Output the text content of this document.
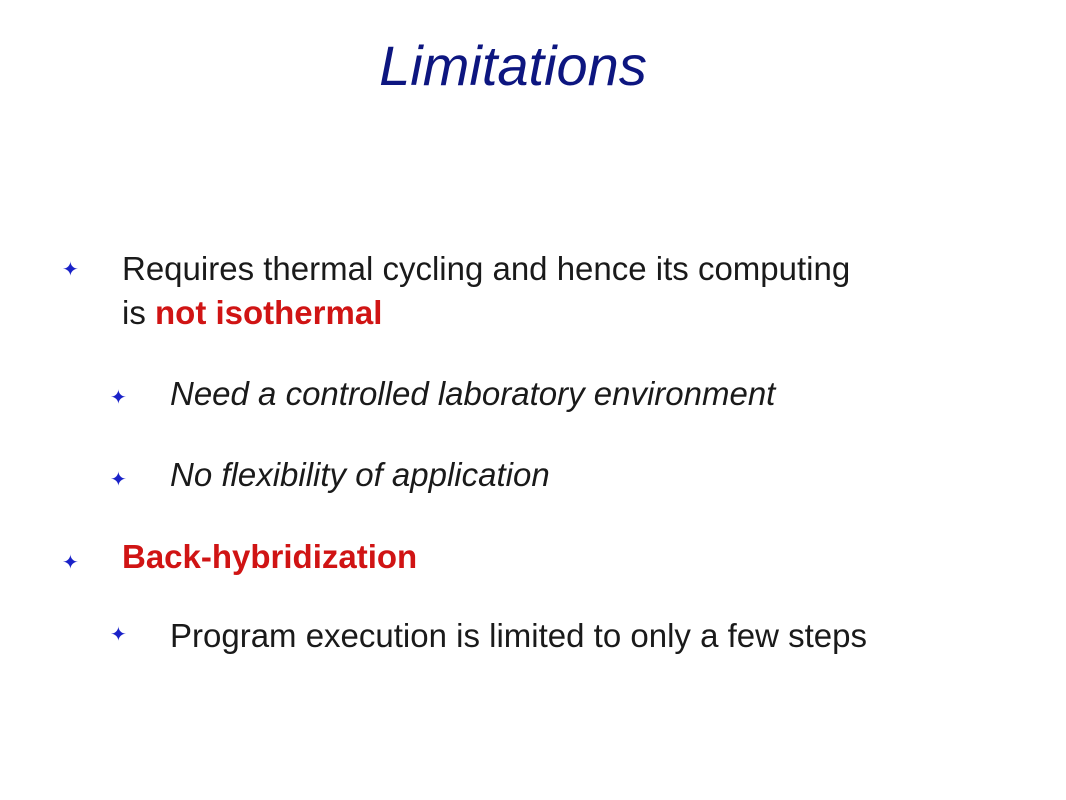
Limitations
✦ Requires thermal cycling and hence its computing
is not isothermal
✦ Need a controlled laboratory environment
✦ No flexibility of application
✦ Back-hybridization
✦ Program execution is limited to only a few steps
